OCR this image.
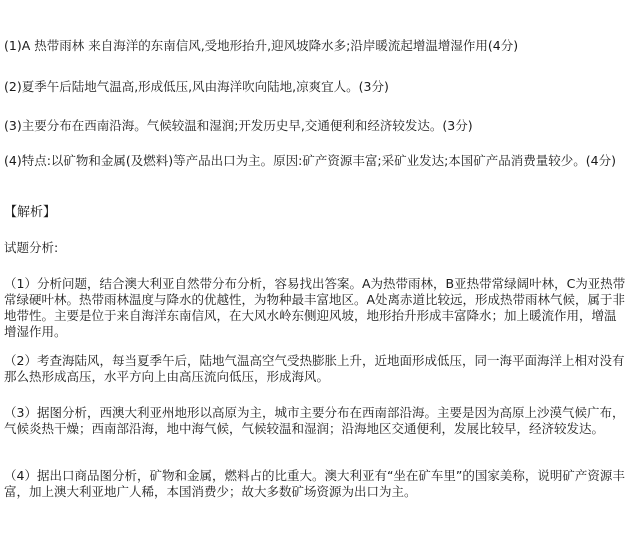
(1)A 热带雨林 来自海洋的东南信风,受地形抬升,迎风坡降水多;沿岸暖流起增温增湿作用(4分)
(2)夏季午后陆地气温高,形成低压,风由海洋吹向陆地,凉爽宜人。(3分)
(3)主要分布在西南沿海。气候较温和湿润;开发历史早,交通便利和经济较发达。(3分)
(4)特点:以矿物和金属(及燃料)等产品出口为主。原因:矿产资源丰富;采矿业发达;本国矿产品消费量较少。(4分)
【解析】
试题分析:
（1）分析问题，结合澳大利亚自然带分布分析，容易找出答案。A为热带雨林，B亚热带常绿阔叶林，C为亚热带常绿硬叶林。热带雨林温度与降水的优越性，为物种最丰富地区。A处离赤道比较远，形成热带雨林气候，属于非地带性。主要是位于来自海洋东南信风，在大风水岭东侧迎风坡，地形抬升形成丰富降水；加上暖流作用，增温增湿作用。
（2）考查海陆风，每当夏季午后，陆地气温高空气受热膨胀上升，近地面形成低压，同一海平面海洋上相对没有那么热形成高压，水平方向上由高压流向低压，形成海风。
（3）据图分析，西澳大利亚州地形以高原为主，城市主要分布在西南部沿海。主要是因为高原上沙漠气候广布，气候炎热干燥；西南部沿海，地中海气候，气候较温和湿润；沿海地区交通便利，发展比较早，经济较发达。
（4）据出口商品图分析，矿物和金属，燃料占的比重大。澳大利亚有“坐在矿车里”的国家美称，说明矿产资源丰富，加上澳大利亚地广人稀，本国消费少；故大多数矿场资源为出口为主。
